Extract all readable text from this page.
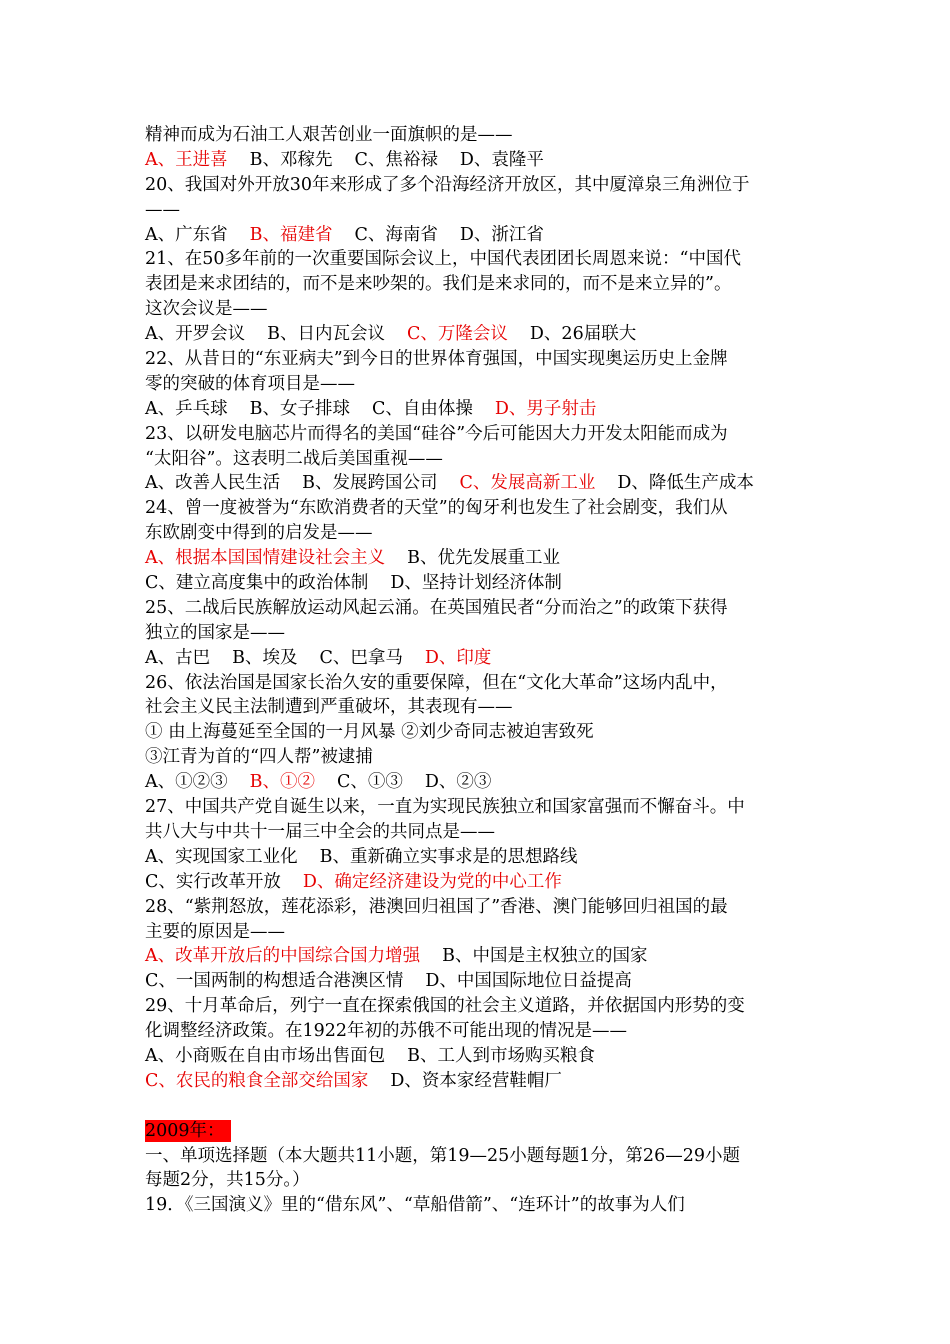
精神而成为石油工人艰苦创业一面旗帜的是——
A、王进喜 B、邓稼先 C、焦裕禄 D、袁隆平
20、我国对外开放30年来形成了多个沿海经济开放区，其中厦漳泉三角洲位于
——
A、广东省 B、福建省 C、海南省 D、浙江省
21、在50多年前的一次重要国际会议上，中国代表团团长周恩来说：“中国代
表团是来求团结的，而不是来吵架的。我们是来求同的，而不是来立异的”。
这次会议是——
A、开罗会议 B、日内瓦会议 C、万隆会议 D、26届联大
22、从昔日的“东亚病夫”到今日的世界体育强国，中国实现奥运历史上金牌
零的突破的体育项目是——
A、乒乓球 B、女子排球 C、自由体操 D、男子射击
23、以研发电脑芯片而得名的美国“硅谷”今后可能因大力开发太阳能而成为
“太阳谷”。这表明二战后美国重视——
A、改善人民生活 B、发展跨国公司 C、发展高新工业 D、降低生产成本
24、曾一度被誉为“东欧消费者的天堂”的匈牙利也发生了社会剧变，我们从
东欧剧变中得到的启发是——
A、根据本国国情建设社会主义 B、优先发展重工业
C、建立高度集中的政治体制 D、坚持计划经济体制
25、二战后民族解放运动风起云涌。在英国殖民者“分而治之”的政策下获得
独立的国家是——
A、古巴 B、埃及 C、巴拿马 D、印度
26、依法治国是国家长治久安的重要保障，但在“文化大革命”这场内乱中，
社会主义民主法制遭到严重破坏，其表现有——
① 由上海蔓延至全国的一月风暴 ②刘少奇同志被迫害致死
③江青为首的“四人帮”被逮捕
A、①②③ B、①② C、①③ D、②③
27、中国共产党自诞生以来，一直为实现民族独立和国家富强而不懈奋斗。中
共八大与中共十一届三中全会的共同点是——
A、实现国家工业化 B、重新确立实事求是的思想路线
C、实行改革开放 D、确定经济建设为党的中心工作
28、“紫荆怒放，莲花添彩，港澳回归祖国了”香港、澳门能够回归祖国的最
主要的原因是——
A、改革开放后的中国综合国力增强 B、中国是主权独立的国家
C、一国两制的构想适合港澳区情 D、中国国际地位日益提高
29、十月革命后，列宁一直在探索俄国的社会主义道路，并依据国内形势的变
化调整经济政策。在1922年初的苏俄不可能出现的情况是——
A、小商贩在自由市场出售面包 B、工人到市场购买粮食
C、农民的粮食全部交给国家 D、资本家经营鞋帽厂
2009年：
一、单项选择题（本大题共11小题，第19—25小题每题1分，第26—29小题
每题2分，共15分。）
19．《三国演义》里的“借东风”、“草船借箭”、“连环计”的故事为人们
